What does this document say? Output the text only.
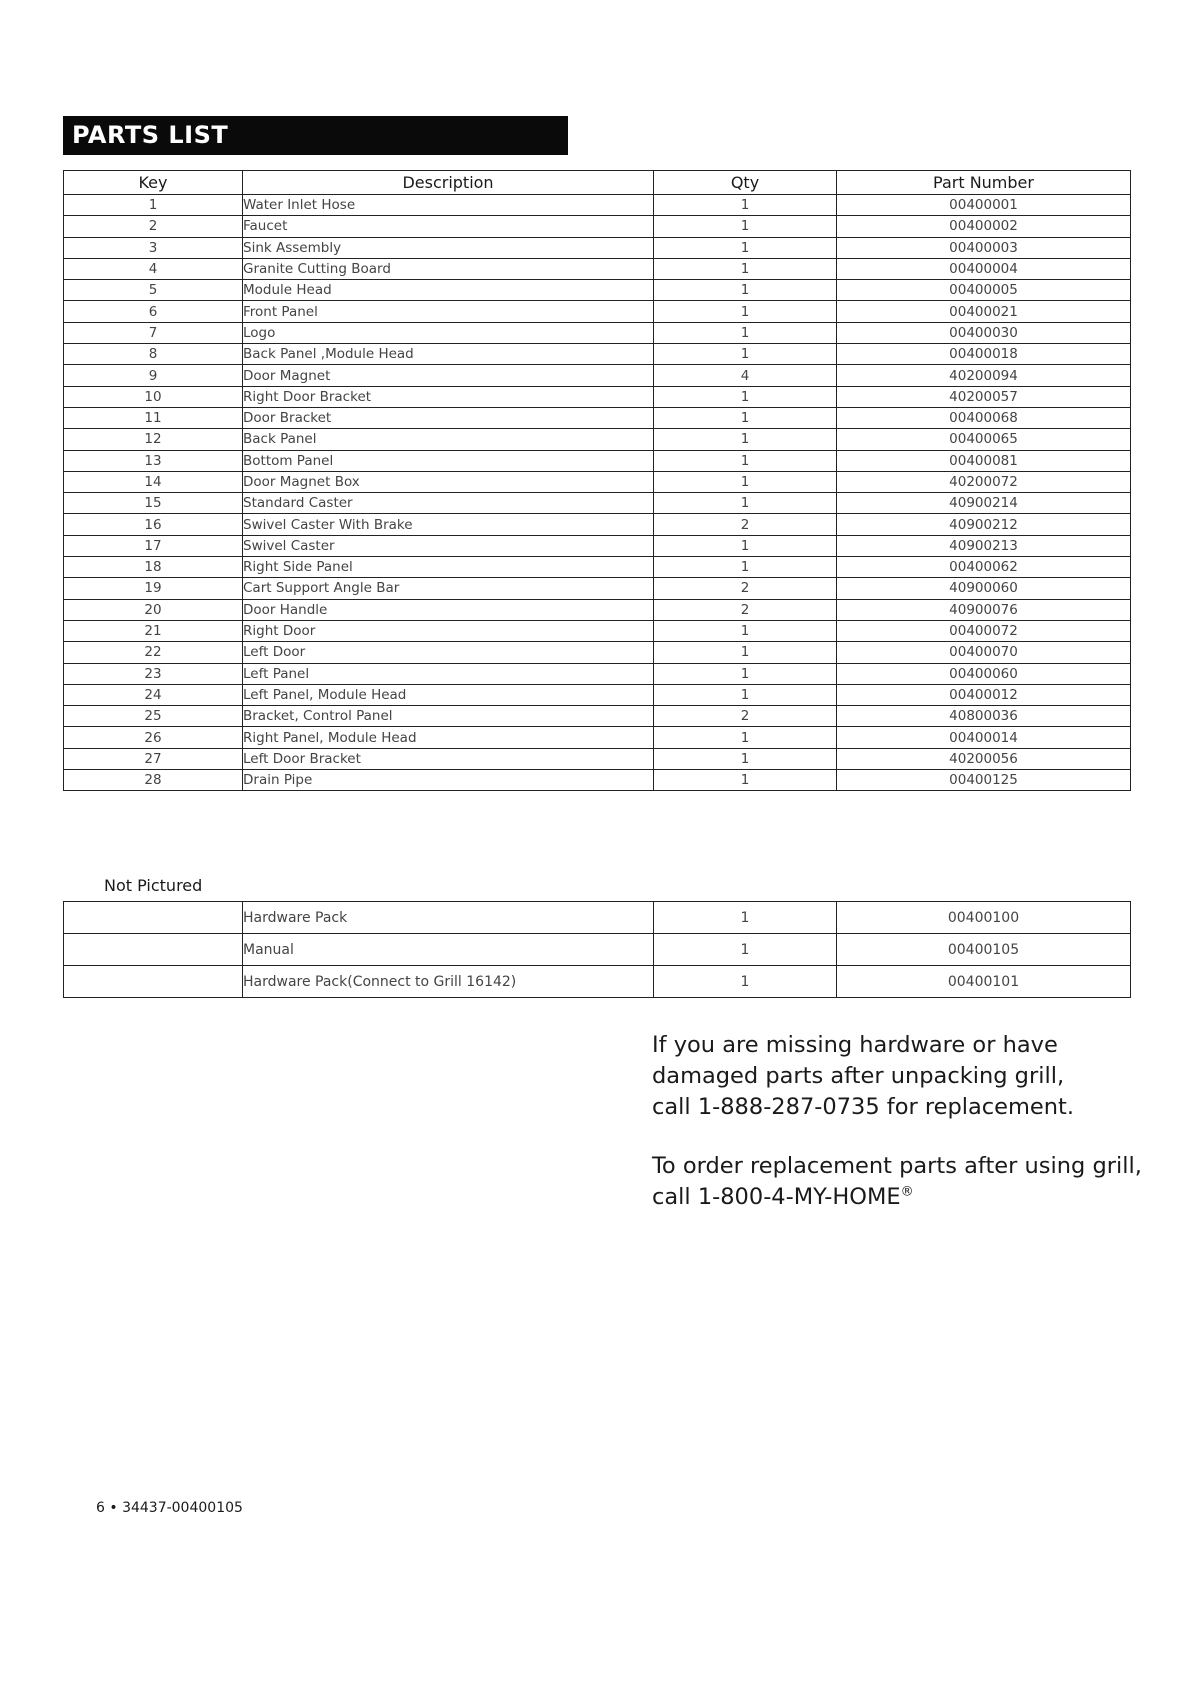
PARTS LIST
Key	Description	Qty	Part Number
1	Water Inlet Hose	1	00400001
2	Faucet	1	00400002
3	Sink Assembly	1	00400003
4	Granite Cutting Board	1	00400004
5	Module Head	1	00400005
6	Front Panel	1	00400021
7	Logo	1	00400030
8	Back Panel ,Module Head	1	00400018
9	Door Magnet	4	40200094
10	Right Door Bracket	1	40200057
11	Door Bracket	1	00400068
12	Back Panel	1	00400065
13	Bottom Panel	1	00400081
14	Door Magnet Box	1	40200072
15	Standard Caster	1	40900214
16	Swivel Caster With Brake	2	40900212
17	Swivel Caster	1	40900213
18	Right Side Panel	1	00400062
19	Cart Support Angle Bar	2	40900060
20	Door Handle	2	40900076
21	Right Door	1	00400072
22	Left Door	1	00400070
23	Left Panel	1	00400060
24	Left Panel, Module Head	1	00400012
25	Bracket, Control Panel	2	40800036
26	Right Panel, Module Head	1	00400014
27	Left Door Bracket	1	40200056
28	Drain Pipe	1	00400125
Not Pictured
	Hardware Pack	1	00400100
	Manual	1	00400105
	Hardware Pack(Connect to Grill 16142)	1	00400101

If you are missing hardware or have

damaged parts after unpacking grill,

call 1-888-287-0735 for replacement.

To order replacement parts after using grill,

call 1-800-4-MY-HOME®

6 • 34437-00400105
